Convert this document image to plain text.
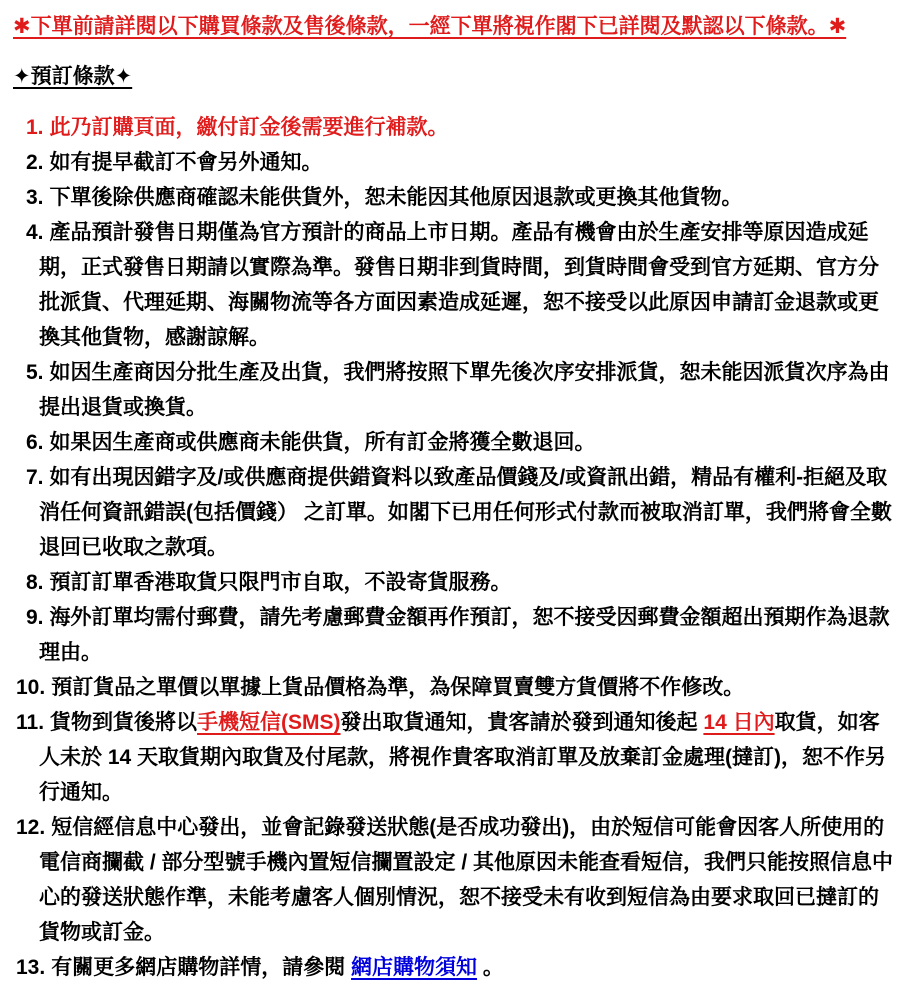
✱下單前請詳閱以下購買條款及售後條款，一經下單將視作閣下已詳閱及默認以下條款。✱
✦預訂條款✦
1. 此乃訂購頁面，繳付訂金後需要進行補款。
2. 如有提早截訂不會另外通知。
3. 下單後除供應商確認未能供貨外，恕未能因其他原因退款或更換其他貨物。
4. 產品預計發售日期僅為官方預計的商品上市日期。產品有機會由於生產安排等原因造成延期，正式發售日期請以實際為準。發售日期非到貨時間，到貨時間會受到官方延期、官方分批派貨、代理延期、海關物流等各方面因素造成延遲，恕不接受以此原因申請訂金退款或更換其他貨物，感謝諒解。
5. 如因生產商因分批生產及出貨，我們將按照下單先後次序安排派貨，恕未能因派貨次序為由提出退貨或換貨。
6. 如果因生產商或供應商未能供貨，所有訂金將獲全數退回。
7. 如有出現因錯字及/或供應商提供錯資料以致產品價錢及/或資訊出錯，精品有權利-拒絕及取消任何資訊錯誤(包括價錢） 之訂單。如閣下已用任何形式付款而被取消訂單，我們將會全數退回已收取之款項。
8. 預訂訂單香港取貨只限門市自取，不設寄貨服務。
9. 海外訂單均需付郵費，請先考慮郵費金額再作預訂，恕不接受因郵費金額超出預期作為退款理由。
10. 預訂貨品之單價以單據上貨品價格為準，為保障買賣雙方貨價將不作修改。
11. 貨物到貨後將以手機短信(SMS)發出取貨通知，貴客請於發到通知後起 14 日內取貨，如客人未於 14 天取貨期內取貨及付尾款，將視作貴客取消訂單及放棄訂金處理(撻訂)，恕不作另行通知。
12. 短信經信息中心發出，並會記錄發送狀態(是否成功發出)，由於短信可能會因客人所使用的電信商攔截 / 部分型號手機內置短信攔置設定 / 其他原因未能查看短信，我們只能按照信息中心的發送狀態作準，未能考慮客人個別情況，恕不接受未有收到短信為由要求取回已撻訂的貨物或訂金。
13. 有關更多網店購物詳情，請參閱 網店購物須知 。
